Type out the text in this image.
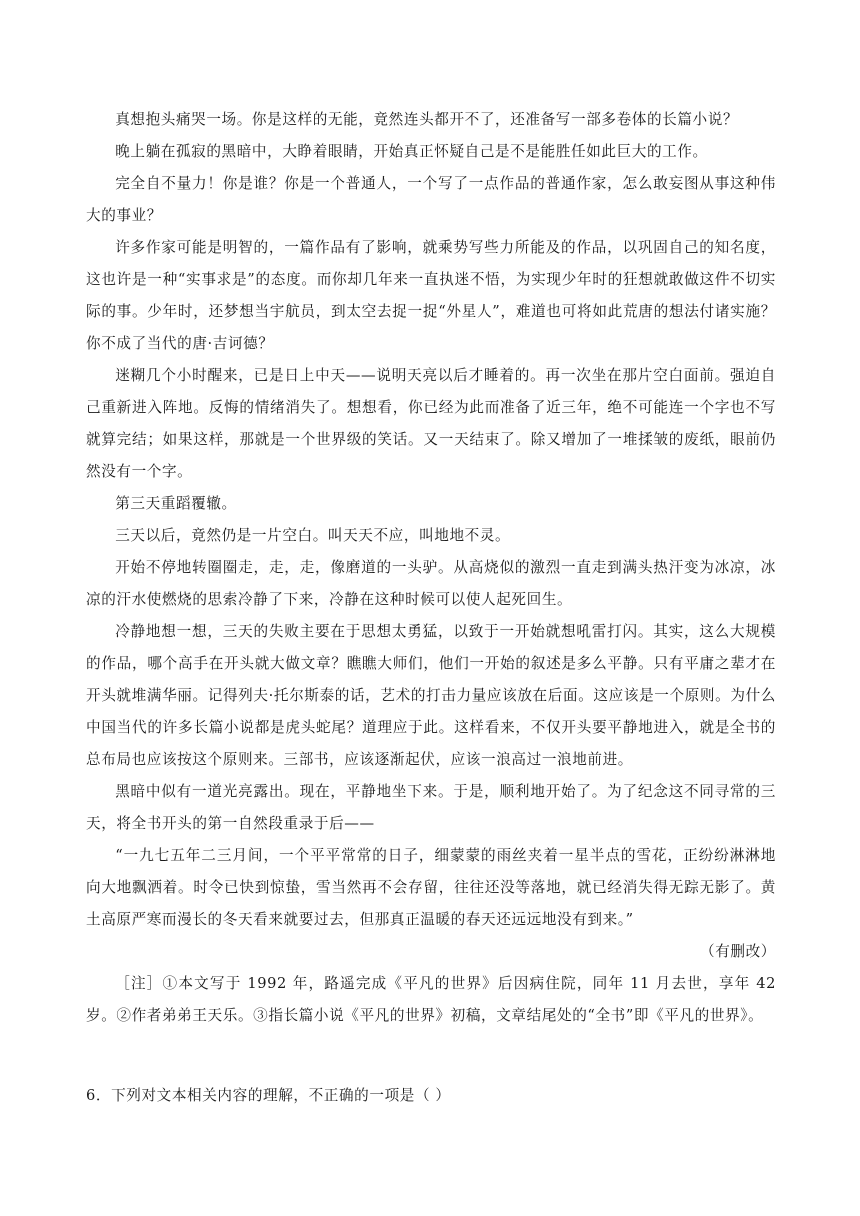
真想抱头痛哭一场。你是这样的无能，竟然连头都开不了，还准备写一部多卷体的长篇小说？

晚上躺在孤寂的黑暗中，大睁着眼睛，开始真正怀疑自己是不是能胜任如此巨大的工作。

完全自不量力！你是谁？你是一个普通人，一个写了一点作品的普通作家，怎么敢妄图从事这种伟大的事业？

许多作家可能是明智的，一篇作品有了影响，就乘势写些力所能及的作品，以巩固自己的知名度，这也许是一种“实事求是”的态度。而你却几年来一直执迷不悟，为实现少年时的狂想就敢做这件不切实际的事。少年时，还梦想当宇航员，到太空去捉一捉“外星人”，难道也可将如此荒唐的想法付诸实施？你不成了当代的唐·吉诃德？

迷糊几个小时醒来，已是日上中天——说明天亮以后才睡着的。再一次坐在那片空白面前。强迫自己重新进入阵地。反悔的情绪消失了。想想看，你已经为此而准备了近三年，绝不可能连一个字也不写就算完结；如果这样，那就是一个世界级的笑话。又一天结束了。除又增加了一堆揉皱的废纸，眼前仍然没有一个字。

第三天重蹈覆辙。

三天以后，竟然仍是一片空白。叫天天不应，叫地地不灵。

开始不停地转圈圈走，走，走，像磨道的一头驴。从高烧似的激烈一直走到满头热汗变为冰凉，冰凉的汗水使燃烧的思索冷静了下来，冷静在这种时候可以使人起死回生。

冷静地想一想，三天的失败主要在于思想太勇猛，以致于一开始就想吼雷打闪。其实，这么大规模的作品，哪个高手在开头就大做文章？瞧瞧大师们，他们一开始的叙述是多么平静。只有平庸之辈才在开头就堆满华丽。记得列夫·托尔斯泰的话，艺术的打击力量应该放在后面。这应该是一个原则。为什么中国当代的许多长篇小说都是虎头蛇尾？道理应于此。这样看来，不仅开头要平静地进入，就是全书的总布局也应该按这个原则来。三部书，应该逐渐起伏，应该一浪高过一浪地前进。

黑暗中似有一道光亮露出。现在，平静地坐下来。于是，顺利地开始了。为了纪念这不同寻常的三天，将全书开头的第一自然段重录于后——

“一九七五年二三月间，一个平平常常的日子，细蒙蒙的雨丝夹着一星半点的雪花，正纷纷淋淋地向大地飘洒着。时令已快到惊蛰，雪当然再不会存留，往往还没等落地，就已经消失得无踪无影了。黄土高原严寒而漫长的冬天看来就要过去，但那真正温暖的春天还远远地没有到来。”

（有删改）

［注］①本文写于 1992 年，路遥完成《平凡的世界》后因病住院，同年 11 月去世，享年 42 岁。②作者弟弟王天乐。③指长篇小说《平凡的世界》初稿，文章结尾处的“全书”即《平凡的世界》。

6．下列对文本相关内容的理解，不正确的一项是（ ）
